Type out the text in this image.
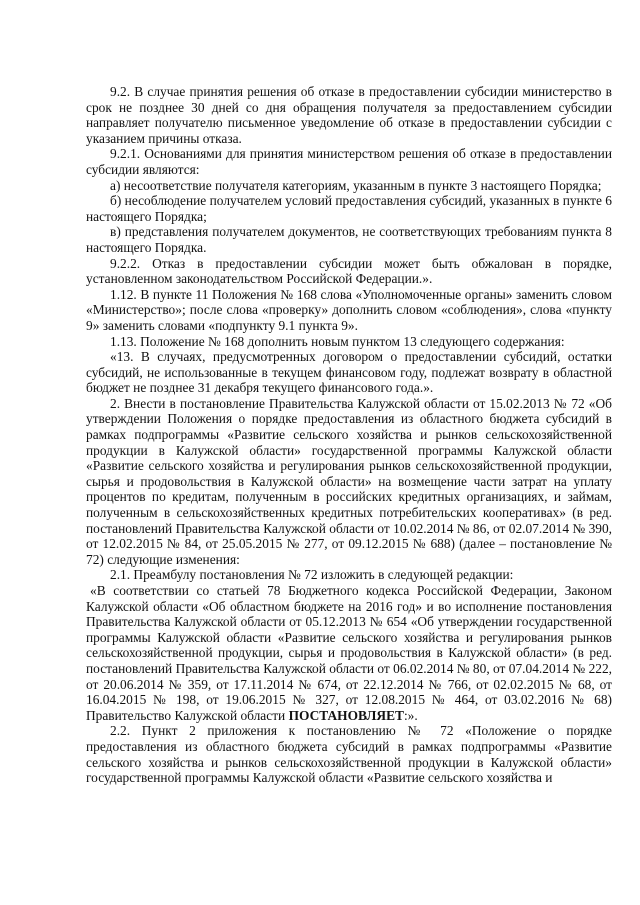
9.2. В случае принятия решения об отказе в предоставлении субсидии министерство в срок не позднее 30 дней со дня обращения получателя за предоставлением субсидии направляет получателю письменное уведомление об отказе в предоставлении субсидии с указанием причины отказа.

9.2.1. Основаниями для принятия министерством решения об отказе в предоставлении субсидии являются:

а) несоответствие получателя категориям, указанным в пункте 3 настоящего Порядка;

б) несоблюдение получателем условий предоставления субсидий, указанных в пункте 6 настоящего Порядка;

в) представления получателем документов, не соответствующих требованиям пункта 8 настоящего Порядка.

9.2.2. Отказ в предоставлении субсидии может быть обжалован в порядке, установленном законодательством Российской Федерации.».

1.12. В пункте 11 Положения № 168 слова «Уполномоченные органы» заменить словом «Министерство»; после слова «проверку» дополнить словом «соблюдения», слова «пункту 9» заменить словами «подпункту 9.1 пункта 9».

1.13. Положение № 168 дополнить новым пунктом 13 следующего содержания:

«13. В случаях, предусмотренных договором о предоставлении субсидий, остатки субсидий, не использованные в текущем финансовом году, подлежат возврату в областной бюджет не позднее 31 декабря текущего финансового года.».

2. Внести в постановление Правительства Калужской области от 15.02.2013 № 72 «Об утверждении Положения о порядке предоставления из областного бюджета субсидий в рамках подпрограммы «Развитие сельского хозяйства и рынков сельскохозяйственной продукции в Калужской области» государственной программы Калужской области «Развитие сельского хозяйства и регулирования рынков сельскохозяйственной продукции, сырья и продовольствия в Калужской области» на возмещение части затрат на уплату процентов по кредитам, полученным в российских кредитных организациях, и займам, полученным в сельскохозяйственных кредитных потребительских кооперативах» (в ред. постановлений Правительства Калужской области от 10.02.2014 № 86, от 02.07.2014 № 390, от 12.02.2015 № 84, от 25.05.2015 № 277, от 09.12.2015 № 688) (далее – постановление № 72) следующие изменения:

2.1. Преамбулу постановления № 72 изложить в следующей редакции:

«В соответствии со статьей 78 Бюджетного кодекса Российской Федерации, Законом Калужской области «Об областном бюджете на 2016 год» и во исполнение постановления Правительства Калужской области от 05.12.2013 № 654 «Об утверждении государственной программы Калужской области «Развитие сельского хозяйства и регулирования рынков сельскохозяйственной продукции, сырья и продовольствия в Калужской области» (в ред. постановлений Правительства Калужской области от 06.02.2014 № 80, от 07.04.2014 № 222, от 20.06.2014 № 359, от 17.11.2014 № 674, от 22.12.2014 № 766, от 02.02.2015 № 68, от 16.04.2015 № 198, от 19.06.2015 № 327, от 12.08.2015 № 464, от 03.02.2016 № 68) Правительство Калужской области ПОСТАНОВЛЯЕТ:».

2.2. Пункт 2 приложения к постановлению № 72 «Положение о порядке предоставления из областного бюджета субсидий в рамках подпрограммы «Развитие сельского хозяйства и рынков сельскохозяйственной продукции в Калужской области» государственной программы Калужской области «Развитие сельского хозяйства и
